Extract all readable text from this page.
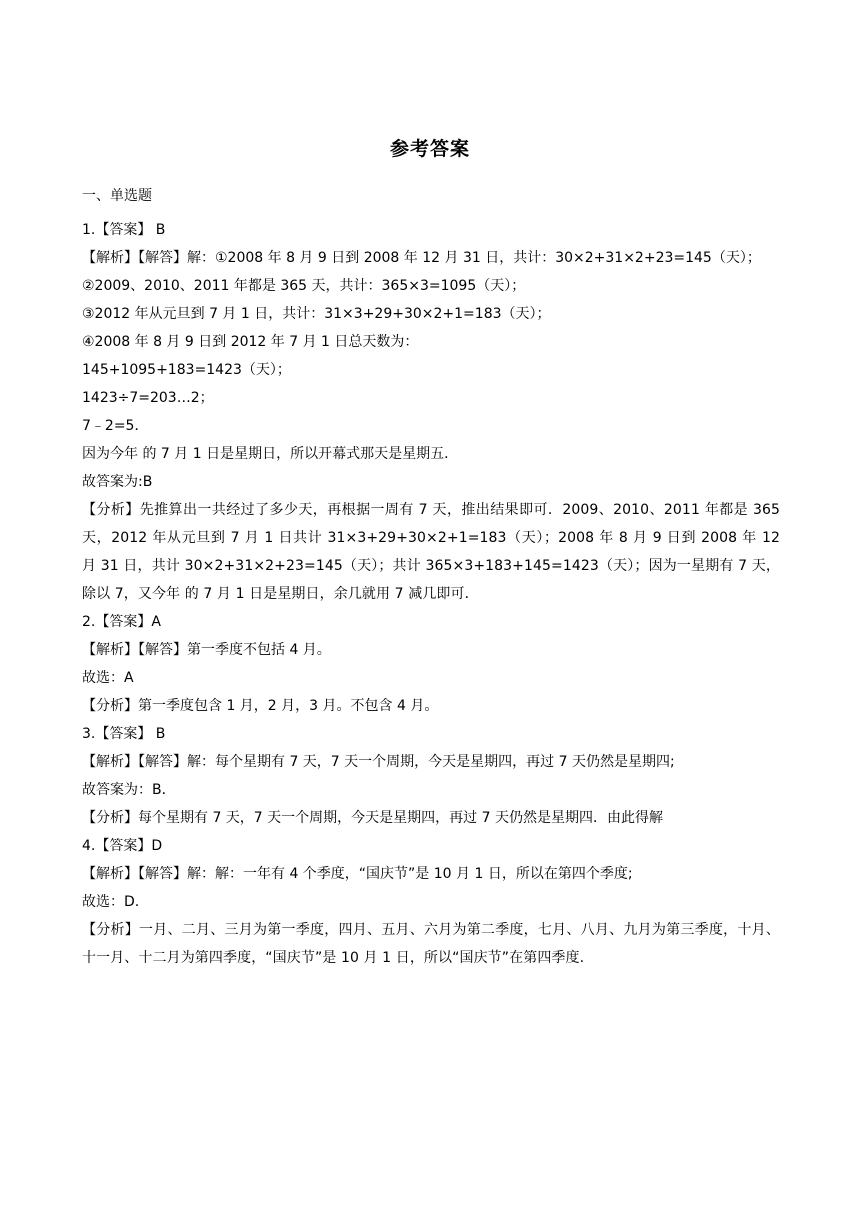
参考答案
一、单选题
1.【答案】 B
【解析】【解答】解：①2008 年 8 月 9 日到 2008 年 12 月 31 日，共计：30×2+31×2+23=145（天）；
②2009、2010、2011 年都是 365 天，共计：365×3=1095（天）；
③2012 年从元旦到 7 月 1 日，共计：31×3+29+30×2+1=183（天）；
④2008 年 8 月 9 日到 2012 年 7 月 1 日总天数为：
145+1095+183=1423（天）；
1423÷7=203…2；
7﹣2=5．
因为今年 的 7 月 1 日是星期日，所以开幕式那天是星期五．
故答案为:B
【分析】先推算出一共经过了多少天，再根据一周有 7 天，推出结果即可．2009、2010、2011 年都是 365 天，2012 年从元旦到 7 月 1 日共计 31×3+29+30×2+1=183（天）；2008 年 8 月 9 日到 2008 年 12 月 31 日，共计 30×2+31×2+23=145（天）；共计 365×3+183+145=1423（天）；因为一星期有 7 天，除以 7，又今年 的 7 月 1 日是星期日，余几就用 7 减几即可．
2.【答案】A
【解析】【解答】第一季度不包括 4 月。
故选：A
【分析】第一季度包含 1 月，2 月，3 月。不包含 4 月。
3.【答案】 B
【解析】【解答】解：每个星期有 7 天，7 天一个周期，今天是星期四，再过 7 天仍然是星期四;
故答案为：B．
【分析】每个星期有 7 天，7 天一个周期，今天是星期四，再过 7 天仍然是星期四．由此得解
4.【答案】D
【解析】【解答】解：解：一年有 4 个季度，“国庆节”是 10 月 1 日，所以在第四个季度;
故选：D.
【分析】一月、二月、三月为第一季度，四月、五月、六月为第二季度，七月、八月、九月为第三季度，十月、十一月、十二月为第四季度，“国庆节”是 10 月 1 日，所以“国庆节”在第四季度.
